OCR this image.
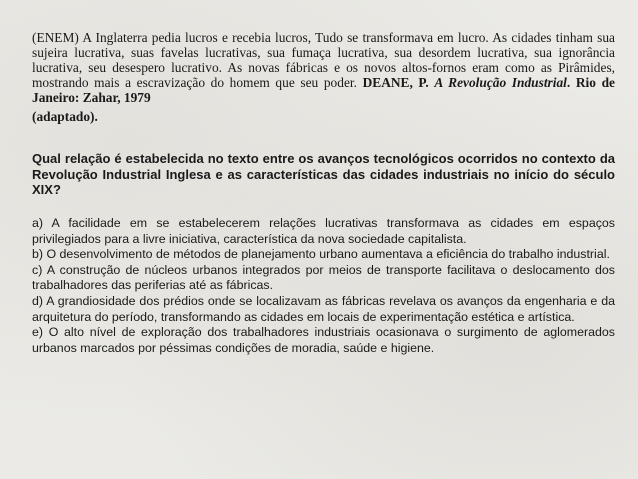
(ENEM) A Inglaterra pedia lucros e recebia lucros, Tudo se transformava em lucro. As cidades tinham sua sujeira lucrativa, suas favelas lucrativas, sua fumaça lucrativa, sua desordem lucrativa, sua ignorância lucrativa, seu desespero lucrativo. As novas fábricas e os novos altos-fornos eram como as Pirâmides, mostrando mais a escravização do homem que seu poder. DEANE, P. A Revolução Industrial. Rio de Janeiro: Zahar, 1979
(adaptado).
Qual relação é estabelecida no texto entre os avanços tecnológicos ocorridos no contexto da Revolução Industrial Inglesa e as características das cidades industriais no início do século XIX?

a) A facilidade em se estabelecerem relações lucrativas transformava as cidades em espaços privilegiados para a livre iniciativa, característica da nova sociedade capitalista.

b) O desenvolvimento de métodos de planejamento urbano aumentava a eficiência do trabalho industrial.

c) A construção de núcleos urbanos integrados por meios de transporte facilitava o deslocamento dos trabalhadores das periferias até as fábricas.

d) A grandiosidade dos prédios onde se localizavam as fábricas revelava os avanços da engenharia e da arquitetura do período, transformando as cidades em locais de experimentação estética e artística.

e) O alto nível de exploração dos trabalhadores industriais ocasionava o surgimento de aglomerados urbanos marcados por péssimas condições de moradia, saúde e higiene.
